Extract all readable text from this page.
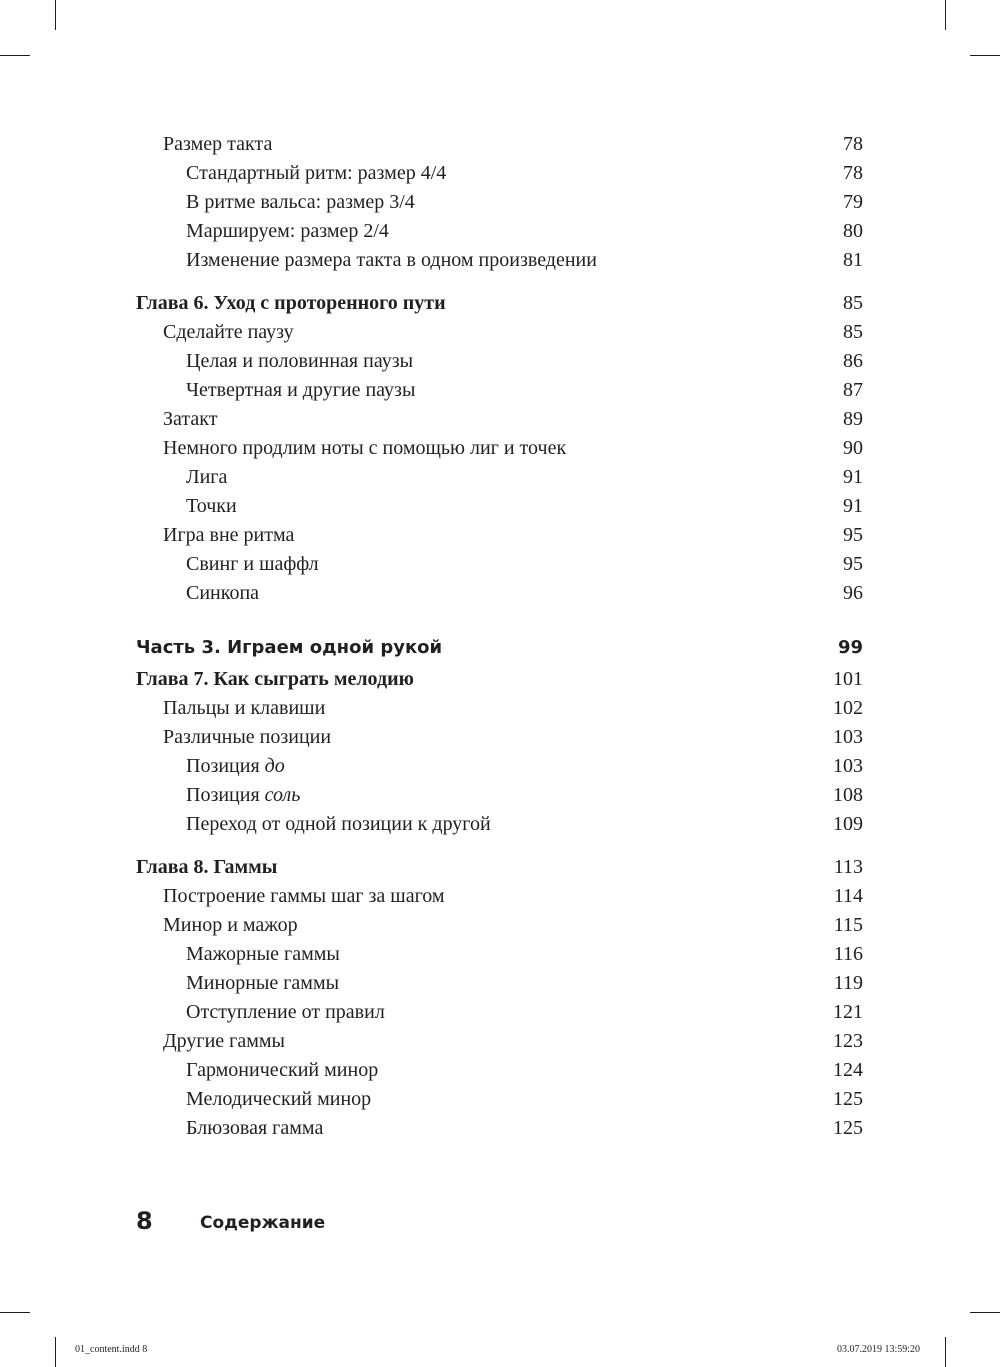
Размер такта	78
Стандартный ритм: размер 4/4	78
В ритме вальса: размер 3/4	79
Маршируем: размер 2/4	80
Изменение размера такта в одном произведении	81
Глава 6. Уход с проторенного пути	85
Сделайте паузу	85
Целая и половинная паузы	86
Четвертная и другие паузы	87
Затакт	89
Немного продлим ноты с помощью лиг и точек	90
Лига	91
Точки	91
Игра вне ритма	95
Свинг и шаффл	95
Синкопа	96
Часть 3. Играем одной рукой	99
Глава 7. Как сыграть мелодию	101
Пальцы и клавиши	102
Различные позиции	103
Позиция до	103
Позиция соль	108
Переход от одной позиции к другой	109
Глава 8. Гаммы	113
Построение гаммы шаг за шагом	114
Минор и мажор	115
Мажорные гаммы	116
Минорные гаммы	119
Отступление от правил	121
Другие гаммы	123
Гармонический минор	124
Мелодический минор	125
Блюзовая гамма	125
8	Содержание
01_content.indd 8	03.07.2019 13:59:20
